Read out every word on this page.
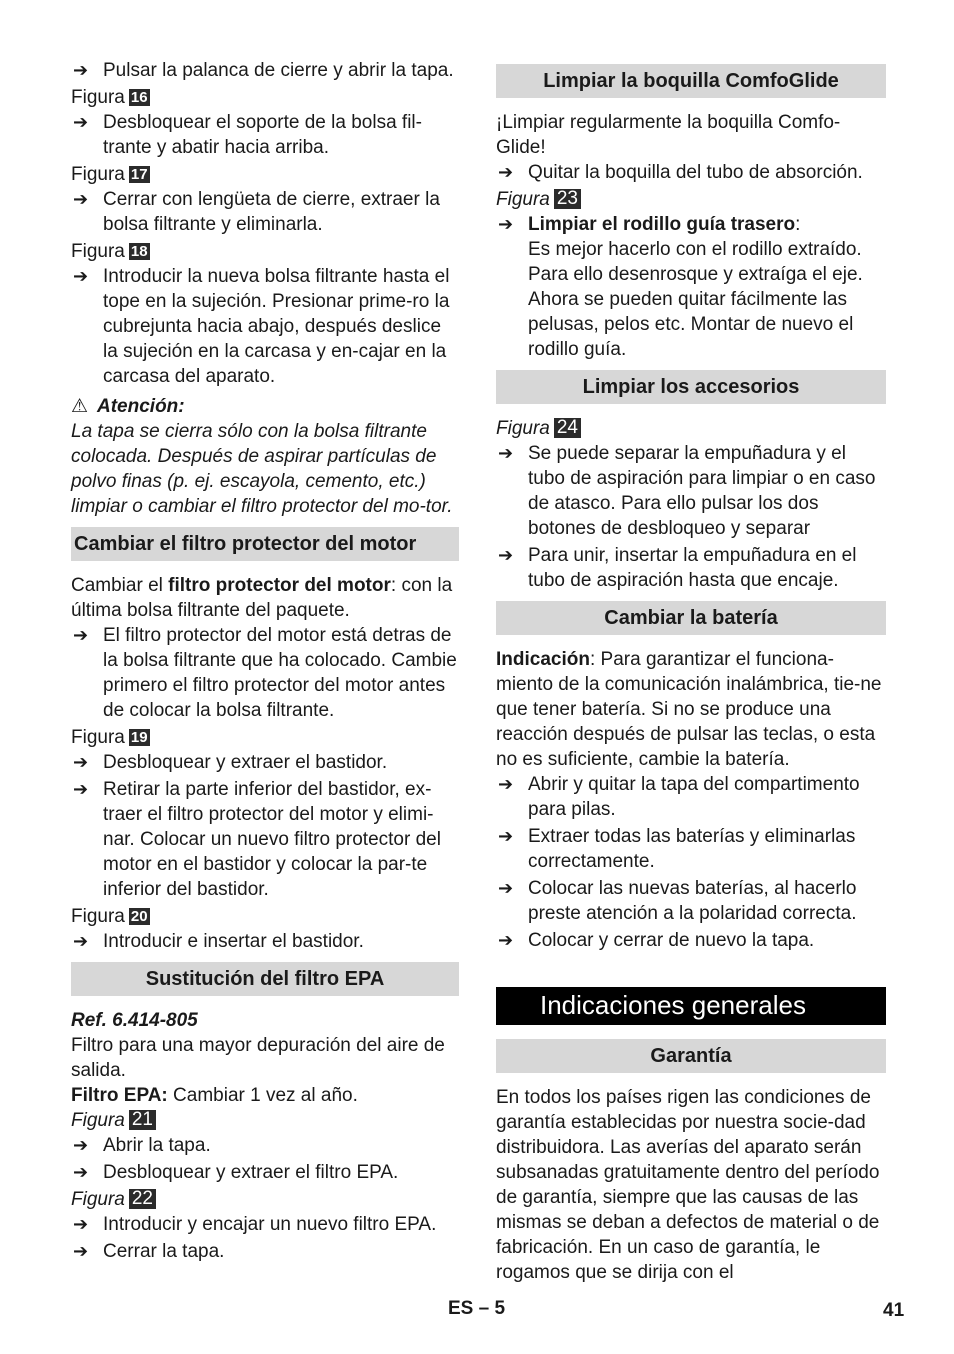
➔ Pulsar la palanca de cierre y abrir la tapa.
Figura 16
➔ Desbloquear el soporte de la bolsa fil-trante y abatir hacia arriba.
Figura 17
➔ Cerrar con lengüeta de cierre, extraer la bolsa filtrante y eliminarla.
Figura 18
➔ Introducir la nueva bolsa filtrante hasta el tope en la sujeción. Presionar prime-ro la cubrejunta hacia abajo, después deslice la sujeción en la carcasa y en-cajar en la carcasa del aparato.
⚠ Atención:

La tapa se cierra sólo con la bolsa filtrante colocada. Después de aspirar partículas de polvo finas (p. ej. escayola, cemento, etc.) limpiar o cambiar el filtro protector del mo-tor.

Cambiar el filtro protector del motor

Cambiar el filtro protector del motor: con la última bolsa filtrante del paquete.

➔ El filtro protector del motor está detras de la bolsa filtrante que ha colocado. Cambie primero el filtro protector del motor antes de colocar la bolsa filtrante.
Figura 19
➔ Desbloquear y extraer el bastidor.
➔ Retirar la parte inferior del bastidor, ex-traer el filtro protector del motor y elimi-nar. Colocar un nuevo filtro protector del motor en el bastidor y colocar la par-te inferior del bastidor.
Figura 20
➔ Introducir e insertar el bastidor.
Sustitución del filtro EPA

Ref. 6.414-805

Filtro para una mayor depuración del aire de salida.

Filtro EPA: Cambiar 1 vez al año.

Figura 21
➔ Abrir la tapa.
➔ Desbloquear y extraer el filtro EPA.
Figura 22
➔ Introducir y encajar un nuevo filtro EPA.
➔ Cerrar la tapa.
Limpiar la boquilla ComfoGlide

¡Limpiar regularmente la boquilla Comfo-Glide!

➔ Quitar la boquilla del tubo de absorción.
Figura 23
➔ Limpiar el rodillo guía trasero:
Es mejor hacerlo con el rodillo extraído. Para ello desenrosque y extraíga el eje. Ahora se pueden quitar fácilmente las pelusas, pelos etc. Montar de nuevo el rodillo guía.
Limpiar los accesorios
Figura 24
➔ Se puede separar la empuñadura y el tubo de aspiración para limpiar o en caso de atasco. Para ello pulsar los dos botones de desbloqueo y separar
➔ Para unir, insertar la empuñadura en el tubo de aspiración hasta que encaje.
Cambiar la batería

Indicación: Para garantizar el funciona-miento de la comunicación inalámbrica, tie-ne que tener batería. Si no se produce una reacción después de pulsar las teclas, o esta no es suficiente, cambie la batería.

➔ Abrir y quitar la tapa del compartimento para pilas.
➔ Extraer todas las baterías y eliminarlas correctamente.
➔ Colocar las nuevas baterías, al hacerlo preste atención a la polaridad correcta.
➔ Colocar y cerrar de nuevo la tapa.
Indicaciones generales
Garantía

En todos los países rigen las condiciones de garantía establecidas por nuestra socie-dad distribuidora. Las averías del aparato serán subsanadas gratuitamente dentro del período de garantía, siempre que las causas de las mismas se deban a defectos de material o de fabricación. En un caso de garantía, le rogamos que se dirija con el

ES – 5	41
